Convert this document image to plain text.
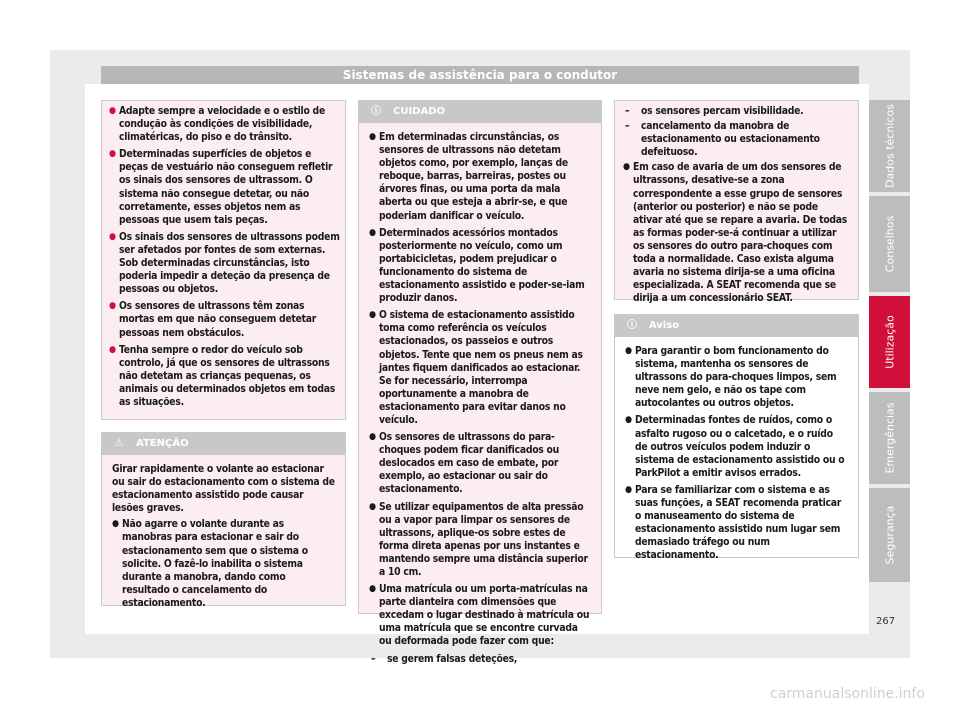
Sistemas de assistência para o condutor
● Adapte sempre a velocidade e o estilo de condução às condições de visibilidade, climatéricas, do piso e do trânsito.
● Determinadas superfícies de objetos e peças de vestuário não conseguem refletir os sinais dos sensores de ultrassom. O sistema não consegue detetar, ou não corretamente, esses objetos nem as pessoas que usem tais peças.
● Os sinais dos sensores de ultrassons podem ser afetados por fontes de som externas. Sob determinadas circunstâncias, isto poderia impedir a deteção da presença de pessoas ou objetos.
● Os sensores de ultrassons têm zonas mortas em que não conseguem detetar pessoas nem obstáculos.
● Tenha sempre o redor do veículo sob controlo, já que os sensores de ultrassons não detetam as crianças pequenas, os animais ou determinados objetos em todas as situações.
⚠ ATENÇÃO

Girar rapidamente o volante ao estacionar ou sair do estacionamento com o sistema de estacionamento assistido pode causar lesões graves.

● Não agarre o volante durante as manobras para estacionar e sair do estacionamento sem que o sistema o solicite. O fazê-lo inabilita o sistema durante a manobra, dando como resultado o cancelamento do estacionamento.
ⓘ CUIDADO
● Em determinadas circunstâncias, os sensores de ultrassons não detetam objetos como, por exemplo, lanças de reboque, barras, barreiras, postes ou árvores finas, ou uma porta da mala aberta ou que esteja a abrir-se, e que poderiam danificar o veículo.
● Determinados acessórios montados posteriormente no veículo, como um portabicicletas, podem prejudicar o funcionamento do sistema de estacionamento assistido e poder-se-iam produzir danos.
● O sistema de estacionamento assistido toma como referência os veículos estacionados, os passeios e outros objetos. Tente que nem os pneus nem as jantes fiquem danificados ao estacionar. Se for necessário, interrompa oportunamente a manobra de estacionamento para evitar danos no veículo.
● Os sensores de ultrassons do para-choques podem ficar danificados ou deslocados em caso de embate, por exemplo, ao estacionar ou sair do estacionamento.
● Se utilizar equipamentos de alta pressão ou a vapor para limpar os sensores de ultrassons, aplique-os sobre estes de forma direta apenas por uns instantes e mantendo sempre uma distância superior a 10 cm.
● Uma matrícula ou um porta-matrículas na parte dianteira com dimensões que excedam o lugar destinado à matrícula ou uma matrícula que se encontre curvada ou deformada pode fazer com que:
– se gerem falsas deteções,
– os sensores percam visibilidade.
– cancelamento da manobra de estacionamento ou estacionamento defeituoso.
● Em caso de avaria de um dos sensores de ultrassons, desative-se a zona correspondente a esse grupo de sensores (anterior ou posterior) e não se pode ativar até que se repare a avaria. De todas as formas poder-se-á continuar a utilizar os sensores do outro para-choques com toda a normalidade. Caso exista alguma avaria no sistema dirija-se a uma oficina especializada. A SEAT recomenda que se dirija a um concessionário SEAT.
ⓘ Aviso
● Para garantir o bom funcionamento do sistema, mantenha os sensores de ultrassons do para-choques limpos, sem neve nem gelo, e não os tape com autocolantes ou outros objetos.
● Determinadas fontes de ruídos, como o asfalto rugoso ou o calcetado, e o ruído de outros veículos podem induzir o sistema de estacionamento assistido ou o ParkPilot a emitir avisos errados.
● Para se familiarizar com o sistema e as suas funções, a SEAT recomenda praticar o manuseamento do sistema de estacionamento assistido num lugar sem demasiado tráfego ou num estacionamento.
Dados técnicos
Conselhos
Utilização
Emergências
Segurança
267
carmanualsonline.info
